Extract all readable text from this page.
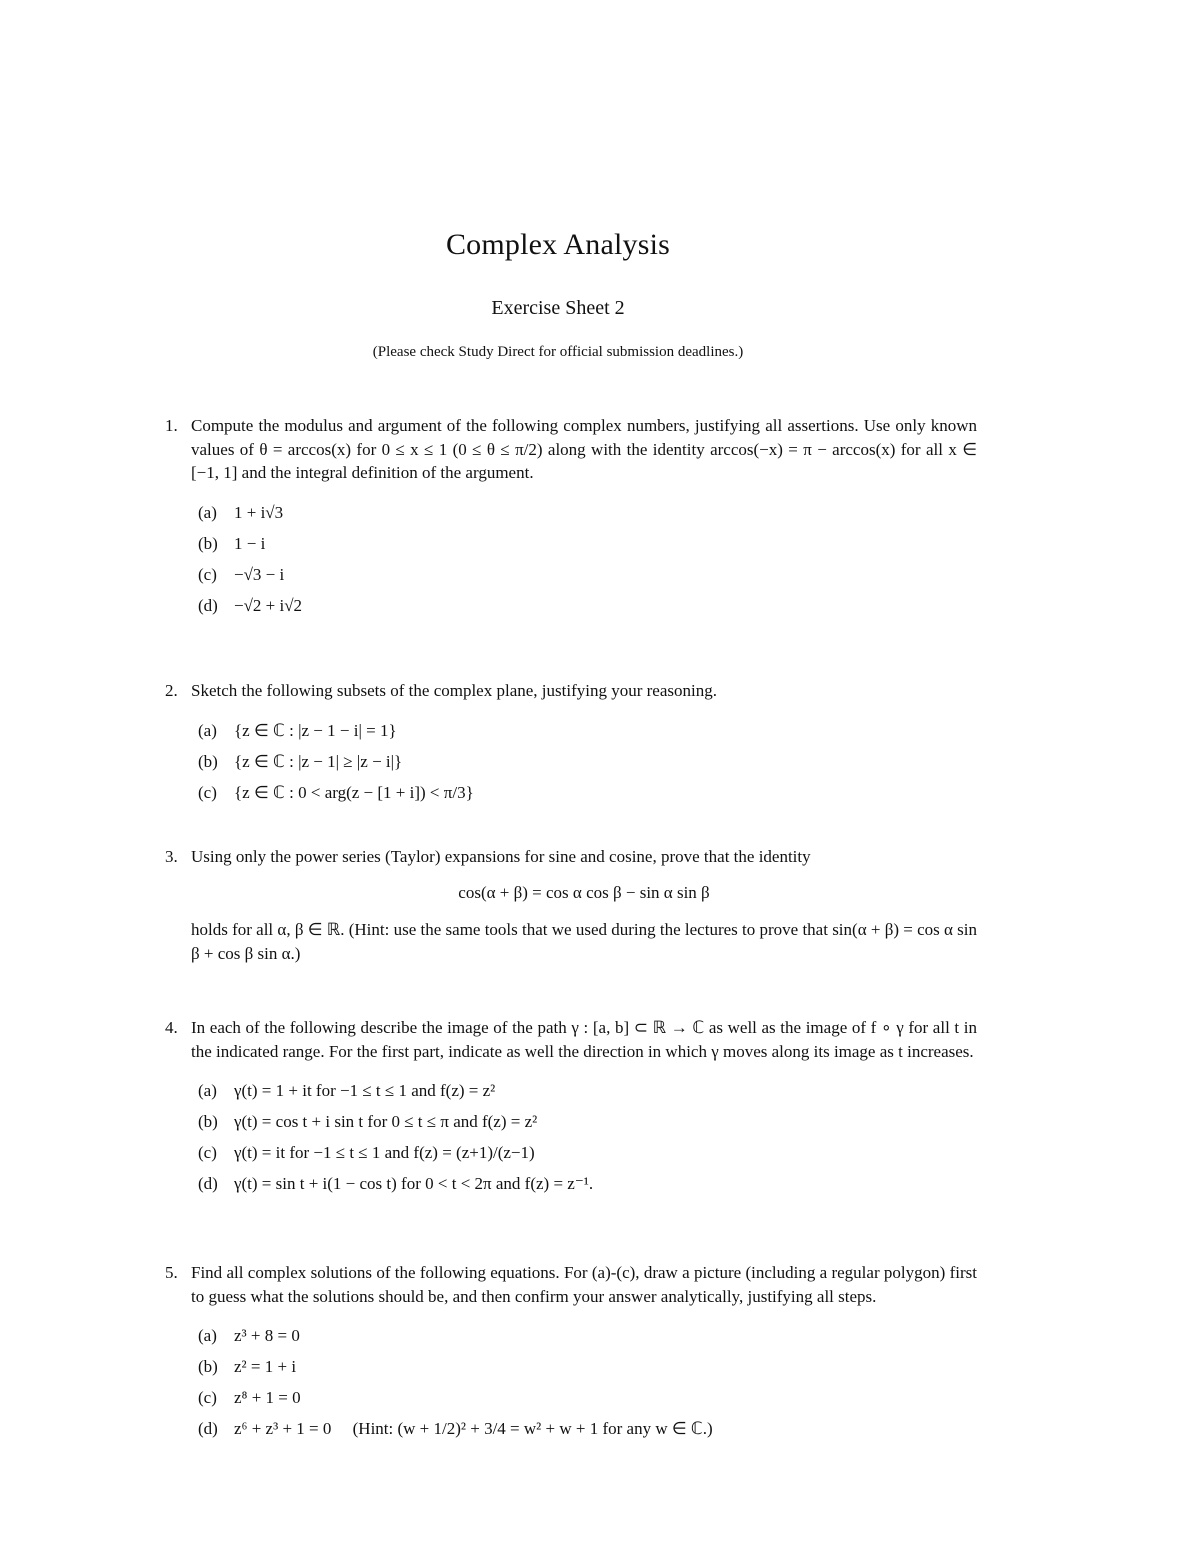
Complex Analysis
Exercise Sheet 2
(Please check Study Direct for official submission deadlines.)
1. Compute the modulus and argument of the following complex numbers, justifying all assertions. Use only known values of θ = arccos(x) for 0 ≤ x ≤ 1 (0 ≤ θ ≤ π/2) along with the identity arccos(−x) = π − arccos(x) for all x ∈ [−1, 1] and the integral definition of the argument.
(a) 1 + i√3
(b) 1 − i
(c) −√3 − i
(d) −√2 + i√2
2. Sketch the following subsets of the complex plane, justifying your reasoning.
(a) {z ∈ ℂ : |z − 1 − i| = 1}
(b) {z ∈ ℂ : |z − 1| ≥ |z − i|}
(c) {z ∈ ℂ : 0 < arg(z − [1 + i]) < π/3}
3. Using only the power series (Taylor) expansions for sine and cosine, prove that the identity
cos(α + β) = cos α cos β − sin α sin β
holds for all α, β ∈ ℝ. (Hint: use the same tools that we used during the lectures to prove that sin(α + β) = cos α sin β + cos β sin α.)
4. In each of the following describe the image of the path γ : [a, b] ⊂ ℝ → ℂ as well as the image of f ∘ γ for all t in the indicated range. For the first part, indicate as well the direction in which γ moves along its image as t increases.
(a) γ(t) = 1 + it for −1 ≤ t ≤ 1 and f(z) = z²
(b) γ(t) = cos t + i sin t for 0 ≤ t ≤ π and f(z) = z²
(c) γ(t) = it for −1 ≤ t ≤ 1 and f(z) = (z+1)/(z−1)
(d) γ(t) = sin t + i(1 − cos t) for 0 < t < 2π and f(z) = z⁻¹.
5. Find all complex solutions of the following equations. For (a)-(c), draw a picture (including a regular polygon) first to guess what the solutions should be, and then confirm your answer analytically, justifying all steps.
(a) z³ + 8 = 0
(b) z² = 1 + i
(c) z⁸ + 1 = 0
(d) z⁶ + z³ + 1 = 0     (Hint: (w + 1/2)² + 3/4 = w² + w + 1 for any w ∈ ℂ.)
